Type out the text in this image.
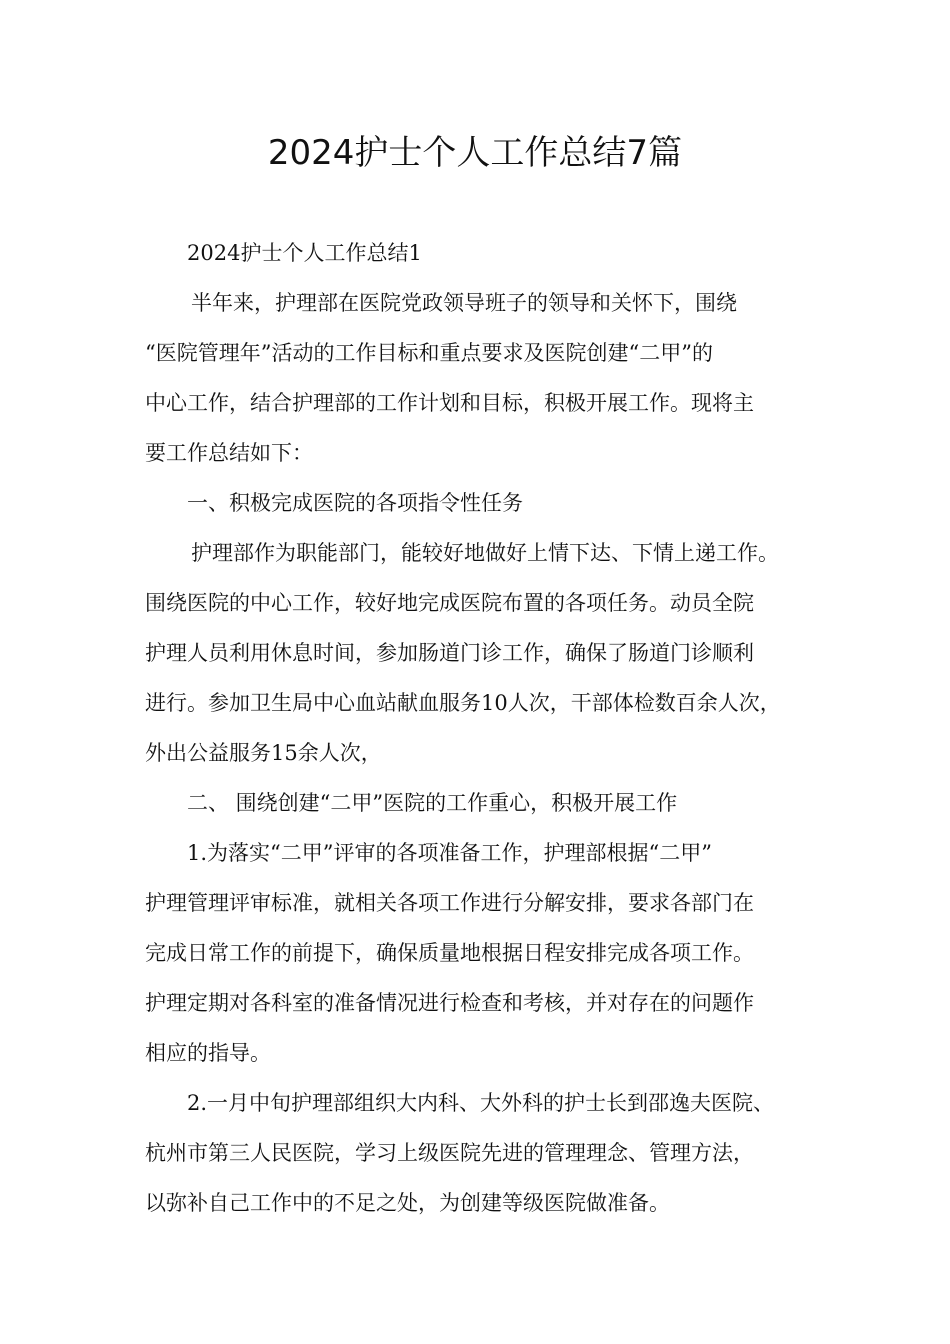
2024护士个人工作总结7篇
2024护士个人工作总结1
半年来，护理部在医院党政领导班子的领导和关怀下，围绕
“医院管理年”活动的工作目标和重点要求及医院创建“二甲”的
中心工作，结合护理部的工作计划和目标，积极开展工作。现将主
要工作总结如下：
一、积极完成医院的各项指令性任务
护理部作为职能部门，能较好地做好上情下达、下情上递工作。
围绕医院的中心工作，较好地完成医院布置的各项任务。动员全院
护理人员利用休息时间，参加肠道门诊工作，确保了肠道门诊顺利
进行。参加卫生局中心血站献血服务10人次，干部体检数百余人次，
外出公益服务15余人次，
二、 围绕创建“二甲”医院的工作重心，积极开展工作
1.为落实“二甲”评审的各项准备工作，护理部根据“二甲”
护理管理评审标准，就相关各项工作进行分解安排，要求各部门在
完成日常工作的前提下，确保质量地根据日程安排完成各项工作。
护理定期对各科室的准备情况进行检查和考核，并对存在的问题作
相应的指导。
2.一月中旬护理部组织大内科、大外科的护士长到邵逸夫医院、
杭州市第三人民医院，学习上级医院先进的管理理念、管理方法，
以弥补自己工作中的不足之处，为创建等级医院做准备。
